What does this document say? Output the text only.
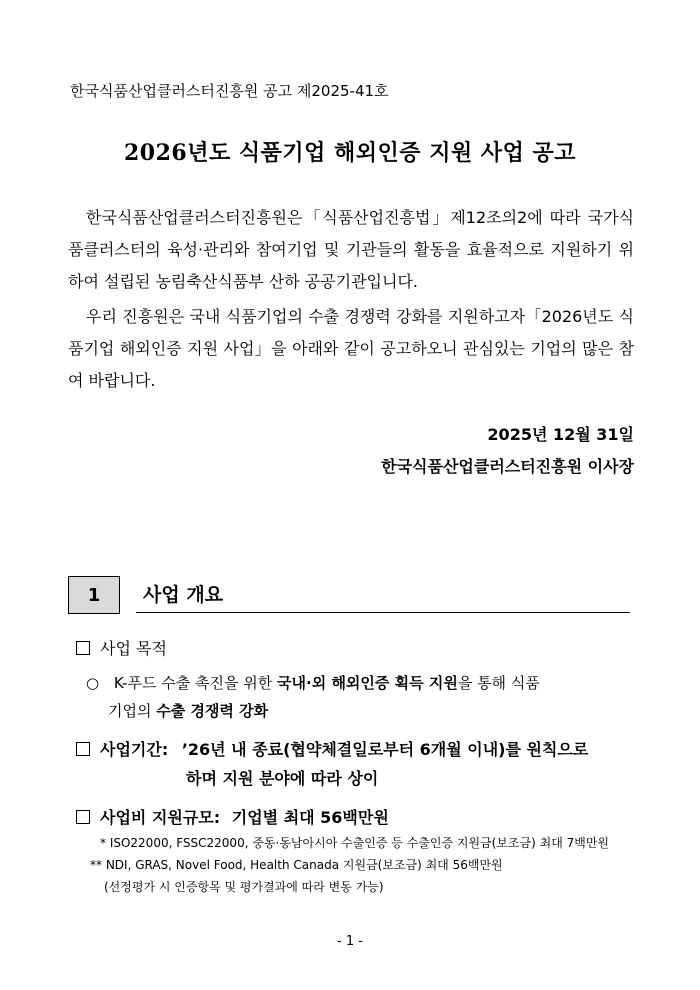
한국식품산업클러스터진흥원 공고 제2025-41호
2026년도 식품기업 해외인증 지원 사업 공고
한국식품산업클러스터진흥원은「식품산업진흥법」제12조의2에 따라 국가식품클러스터의 육성·관리와 참여기업 및 기관들의 활동을 효율적으로 지원하기 위하여 설립된 농림축산식품부 산하 공공기관입니다.
우리 진흥원은 국내 식품기업의 수출 경쟁력 강화를 지원하고자「2026년도 식품기업 해외인증 지원 사업」을 아래와 같이 공고하오니 관심있는 기업의 많은 참여 바랍니다.
2025년 12월 31일
한국식품산업클러스터진흥원 이사장
1 사업 개요
사업 목적
○ K-푸드 수출 촉진을 위한 국내·외 해외인증 획득 지원을 통해 식품
기업의 수출 경쟁력 강화
사업기간: ’26년 내 종료(협약체결일로부터 6개월 이내)를 원칙으로
하며 지원 분야에 따라 상이
사업비 지원규모: 기업별 최대 56백만원
* ISO22000, FSSC22000, 중동·동남아시아 수출인증 등 수출인증 지원금(보조금) 최대 7백만원
** NDI, GRAS, Novel Food, Health Canada 지원금(보조금) 최대 56백만원
(선정평가 시 인증항목 및 평가결과에 따라 변동 가능)
- 1 -
